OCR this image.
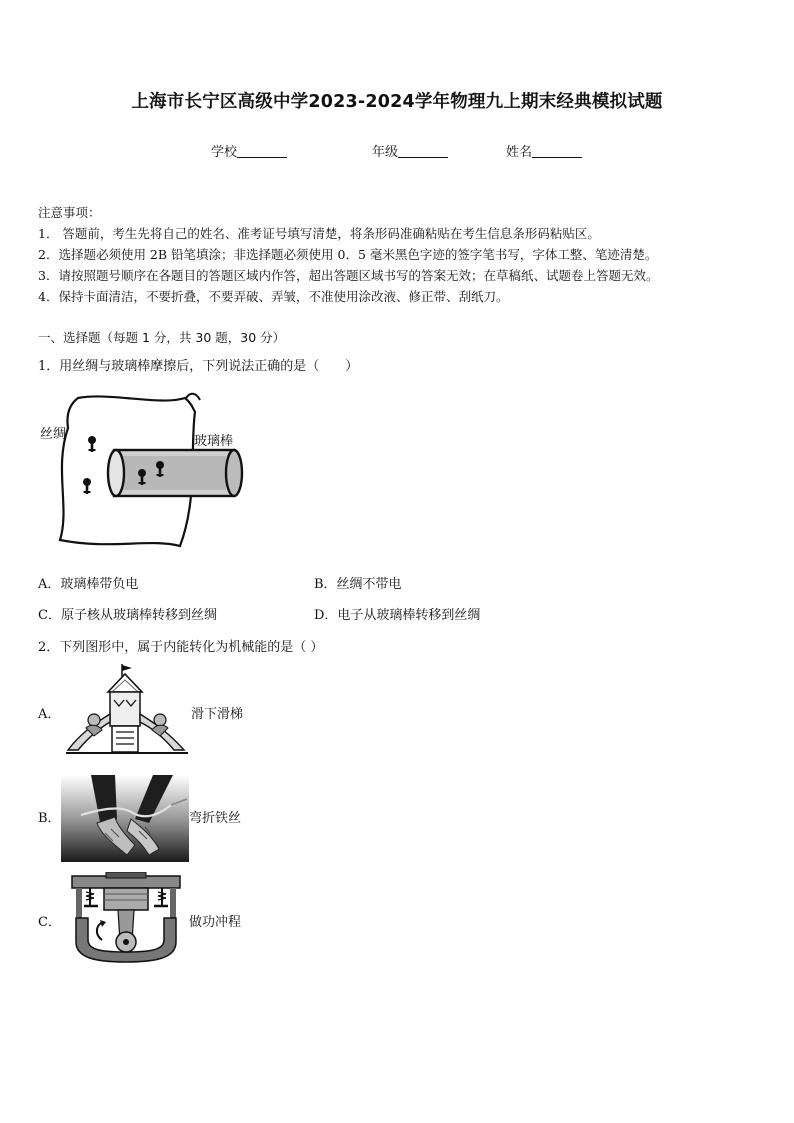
上海市长宁区高级中学2023-2024学年物理九上期末经典模拟试题
学校	年级	姓名
注意事项：
1． 答题前，考生先将自己的姓名、准考证号填写清楚，将条形码准确粘贴在考生信息条形码粘贴区。
2．选择题必须使用 2B 铅笔填涂；非选择题必须使用 0．5 毫米黑色字迹的签字笔书写，字体工整、笔迹清楚。
3．请按照题号顺序在各题目的答题区域内作答，超出答题区域书写的答案无效；在草稿纸、试题卷上答题无效。
4．保持卡面清洁，不要折叠，不要弄破、弄皱，不准使用涂改液、修正带、刮纸刀。
一、选择题（每题 1 分，共 30 题，30 分）
1．用丝绸与玻璃棒摩擦后，下列说法正确的是（　　）
丝绸	玻璃棒
A．玻璃棒带负电	B．丝绸不带电
C．原子核从玻璃棒转移到丝绸	D．电子从玻璃棒转移到丝绸
2．下列图形中，属于内能转化为机械能的是（ ）
A．	滑下滑梯
B．	弯折铁丝
C．	做功冲程
